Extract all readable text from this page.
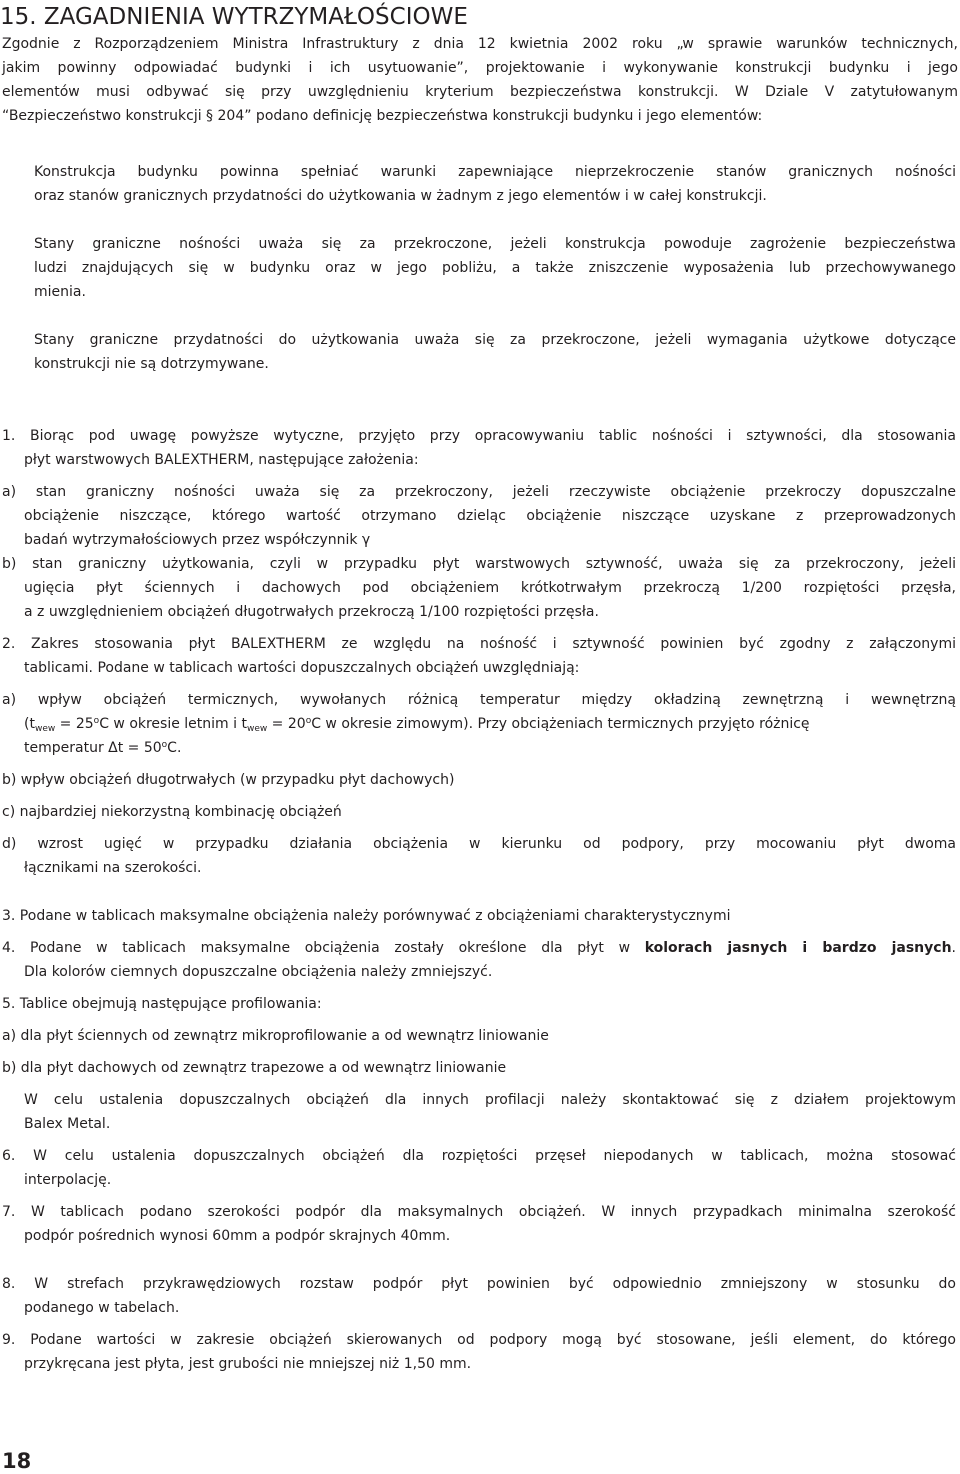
15. ZAGADNIENIA WYTRZYMAŁOŚCIOWE
Zgodnie z Rozporządzeniem Ministra Infrastruktury z dnia 12 kwietnia 2002 roku „w sprawie warunków technicznych,
jakim powinny odpowiadać budynki i ich usytuowanie”, projektowanie i wykonywanie konstrukcji budynku i jego
elementów musi odbywać się przy uwzględnieniu kryterium bezpieczeństwa konstrukcji. W Dziale V zatytułowanym
“Bezpieczeństwo konstrukcji § 204” podano definicję bezpieczeństwa konstrukcji budynku i jego elementów:
Konstrukcja budynku powinna spełniać warunki zapewniające nieprzekroczenie stanów granicznych nośności
oraz stanów granicznych przydatności do użytkowania w żadnym z jego elementów i w całej konstrukcji.
Stany graniczne nośności uważa się za przekroczone, jeżeli konstrukcja powoduje zagrożenie bezpieczeństwa
ludzi znajdujących się w budynku oraz w jego pobliżu, a także zniszczenie wyposażenia lub przechowywanego
mienia.
Stany graniczne przydatności do użytkowania uważa się za przekroczone, jeżeli wymagania użytkowe dotyczące
konstrukcji nie są dotrzymywane.
1. Biorąc pod uwagę powyższe wytyczne, przyjęto przy opracowywaniu tablic nośności i sztywności, dla stosowania
płyt warstwowych BALEXTHERM, następujące założenia:
a) stan graniczny nośności uważa się za przekroczony, jeżeli rzeczywiste obciążenie przekroczy dopuszczalne
obciążenie niszczące, którego wartość otrzymano dzieląc obciążenie niszczące uzyskane z przeprowadzonych
badań wytrzymałościowych przez współczynnik γ
b) stan graniczny użytkowania, czyli w przypadku płyt warstwowych sztywność, uważa się za przekroczony, jeżeli
ugięcia płyt ściennych i dachowych pod obciążeniem krótkotrwałym przekroczą 1/200 rozpiętości przęsła,
a z uwzględnieniem obciążeń długotrwałych przekroczą 1/100 rozpiętości przęsła.
2. Zakres stosowania płyt BALEXTHERM ze względu na nośność i sztywność powinien być zgodny z załączonymi
tablicami. Podane w tablicach wartości dopuszczalnych obciążeń uwzględniają:
a) wpływ obciążeń termicznych, wywołanych różnicą temperatur między okładziną zewnętrzną i wewnętrzną
($t_{wew} = 25^oC$ w okresie letnim i $t_{wew} = 20^oC$ w okresie zimowym). Przy obciążeniach termicznych przyjęto różnicę
temperatur $\Delta t = 50^oC$.
b) wpływ obciążeń długotrwałych (w przypadku płyt dachowych)
c) najbardziej niekorzystną kombinację obciążeń
d) wzrost ugięć w przypadku działania obciążenia w kierunku od podpory, przy mocowaniu płyt dwoma
łącznikami na szerokości.
3. Podane w tablicach maksymalne obciążenia należy porównywać z obciążeniami charakterystycznymi
4. Podane w tablicach maksymalne obciążenia zostały określone dla płyt w kolorach jasnych i bardzo jasnych.
Dla kolorów ciemnych dopuszczalne obciążenia należy zmniejszyć.
5. Tablice obejmują następujące profilowania:
a) dla płyt ściennych od zewnątrz mikroprofilowanie a od wewnątrz liniowanie
b) dla płyt dachowych od zewnątrz trapezowe a od wewnątrz liniowanie
W celu ustalenia dopuszczalnych obciążeń dla innych profilacji należy skontaktować się z działem projektowym
Balex Metal.
6. W celu ustalenia dopuszczalnych obciążeń dla rozpiętości przęseł niepodanych w tablicach, można stosować
interpolację.
7. W tablicach podano szerokości podpór dla maksymalnych obciążeń. W innych przypadkach minimalna szerokość
podpór pośrednich wynosi 60mm a podpór skrajnych 40mm.
8. W strefach przykrawędziowych rozstaw podpór płyt powinien być odpowiednio zmniejszony w stosunku do
podanego w tabelach.
9. Podane wartości w zakresie obciążeń skierowanych od podpory mogą być stosowane, jeśli element, do którego
przykręcana jest płyta, jest grubości nie mniejszej niż 1,50 mm.
18
